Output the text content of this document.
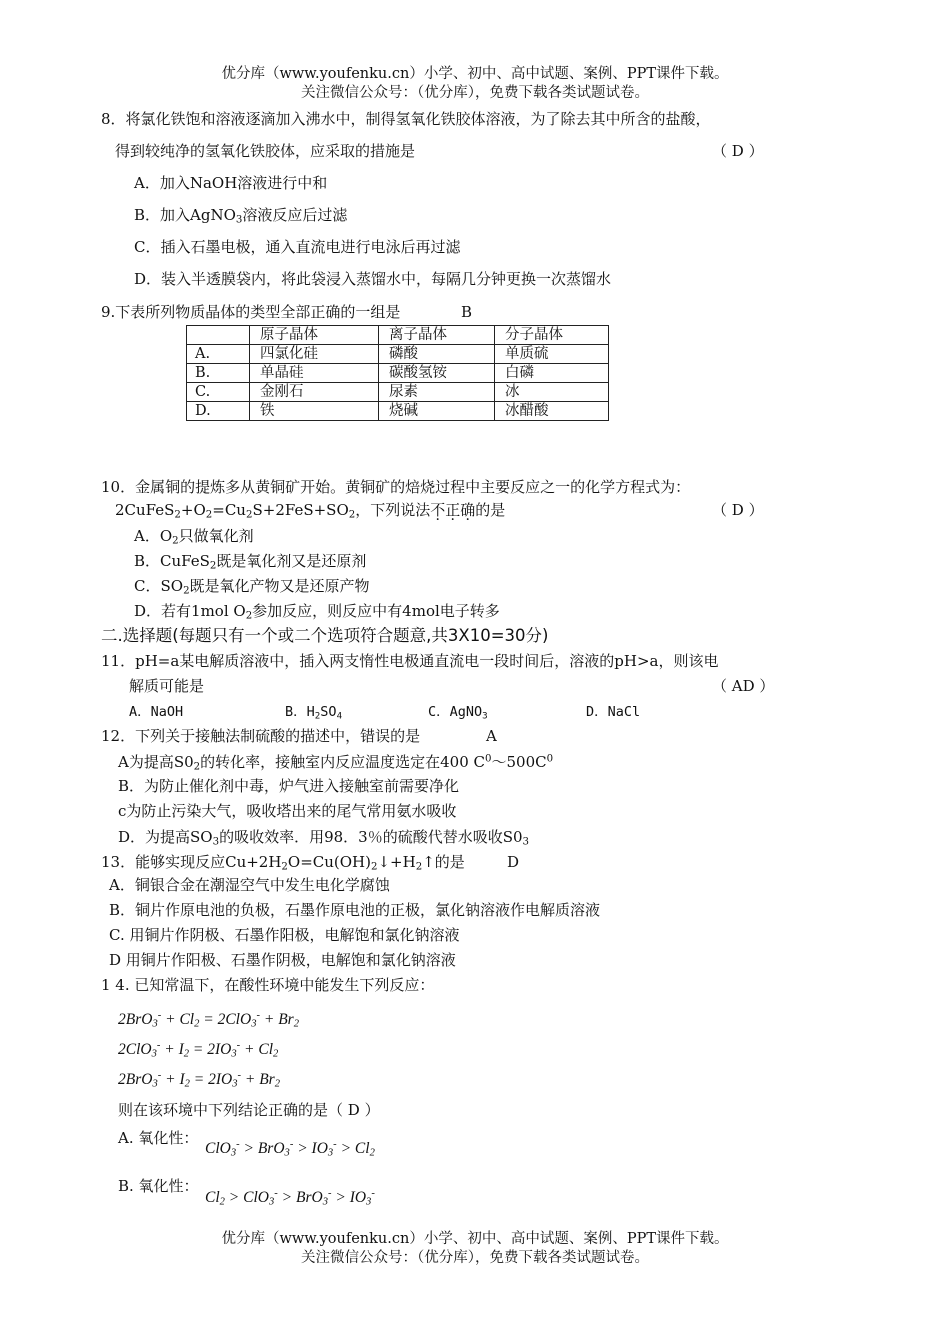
优分库（www.youfenku.cn）小学、初中、高中试题、案例、PPT课件下载。
关注微信公众号：（优分库），免费下载各类试题试卷。
8．将氯化铁饱和溶液逐滴加入沸水中，制得氢氧化铁胶体溶液，为了除去其中所含的盐酸，
得到较纯净的氢氧化铁胶体，应采取的措施是	（ D ）
A．加入NaOH溶液进行中和
B．加入AgNO$_3$溶液反应后过滤
C．插入石墨电极，通入直流电进行电泳后再过滤
D．装入半透膜袋内，将此袋浸入蒸馏水中，每隔几分钟更换一次蒸馏水
9.下表所列物质晶体的类型全部正确的一组是	B
	原子晶体	离子晶体	分子晶体
A.	四氯化硅	磷酸	单质硫
B.	单晶硅	碳酸氢铵	白磷
C.	金刚石	尿素	冰
D.	铁	烧碱	冰醋酸
10．金属铜的提炼多从黄铜矿开始。黄铜矿的焙烧过程中主要反应之一的化学方程式为：
$2CuFeS_2+O_2=Cu_2S+2FeS+SO_2$，下列说法不正确的是	（ D ）
A．$O_2$只做氧化剂
B．CuFeS$_2$既是氧化剂又是还原剂
C．$SO_2$既是氧化产物又是还原产物
D．若有1mol $O_2$参加反应，则反应中有4mol电子转多
二.选择题(每题只有一个或二个选项符合题意,共3X10=30分)
11．pH=a某电解质溶液中，插入两支惰性电极通直流电一段时间后，溶液的pH>a，则该电
解质可能是	（ AD ）
A．NaOH	B．$H_2SO_4$	C．AgNO$_3$	D．NaCl
12．下列关于接触法制硫酸的描述中，错误的是	A
A为提高$S0_2$的转化率，接触室内反应温度选定在400 $C^0\sim 500C^0$
B．为防止催化剂中毒，炉气进入接触室前需要净化
c为防止污染大气，吸收塔出来的尾气常用氨水吸收
D．为提高$SO_3$的吸收效率．用98．3％的硫酸代替水吸收$S0_3$
13．能够实现反应$Cu+2H_2O=Cu(OH)_2↓+H_2↑$的是	D
A．铜银合金在潮湿空气中发生电化学腐蚀
B．铜片作原电池的负极，石墨作原电池的正极，氯化钠溶液作电解质溶液
C. 用铜片作阴极、石墨作阳极，电解饱和氯化钠溶液
D 用铜片作阳极、石墨作阴极，电解饱和氯化钠溶液
1 4. 已知常温下，在酸性环境中能发生下列反应：
$2BrO_3^- + Cl_2 = 2ClO_3^- + Br_2$
$2ClO_3^- + I_2 = 2IO_3^- + Cl_2$
$2BrO_3^- + I_2 = 2IO_3^- + Br_2$
则在该环境中下列结论正确的是（ D ）
A. 氧化性：
$ClO_3^- > BrO_3^- > IO_3^- > Cl_2$
B. 氧化性：
$Cl_2 > ClO_3^- > BrO_3^- > IO_3^-$
优分库（www.youfenku.cn）小学、初中、高中试题、案例、PPT课件下载。
关注微信公众号：（优分库），免费下载各类试题试卷。
